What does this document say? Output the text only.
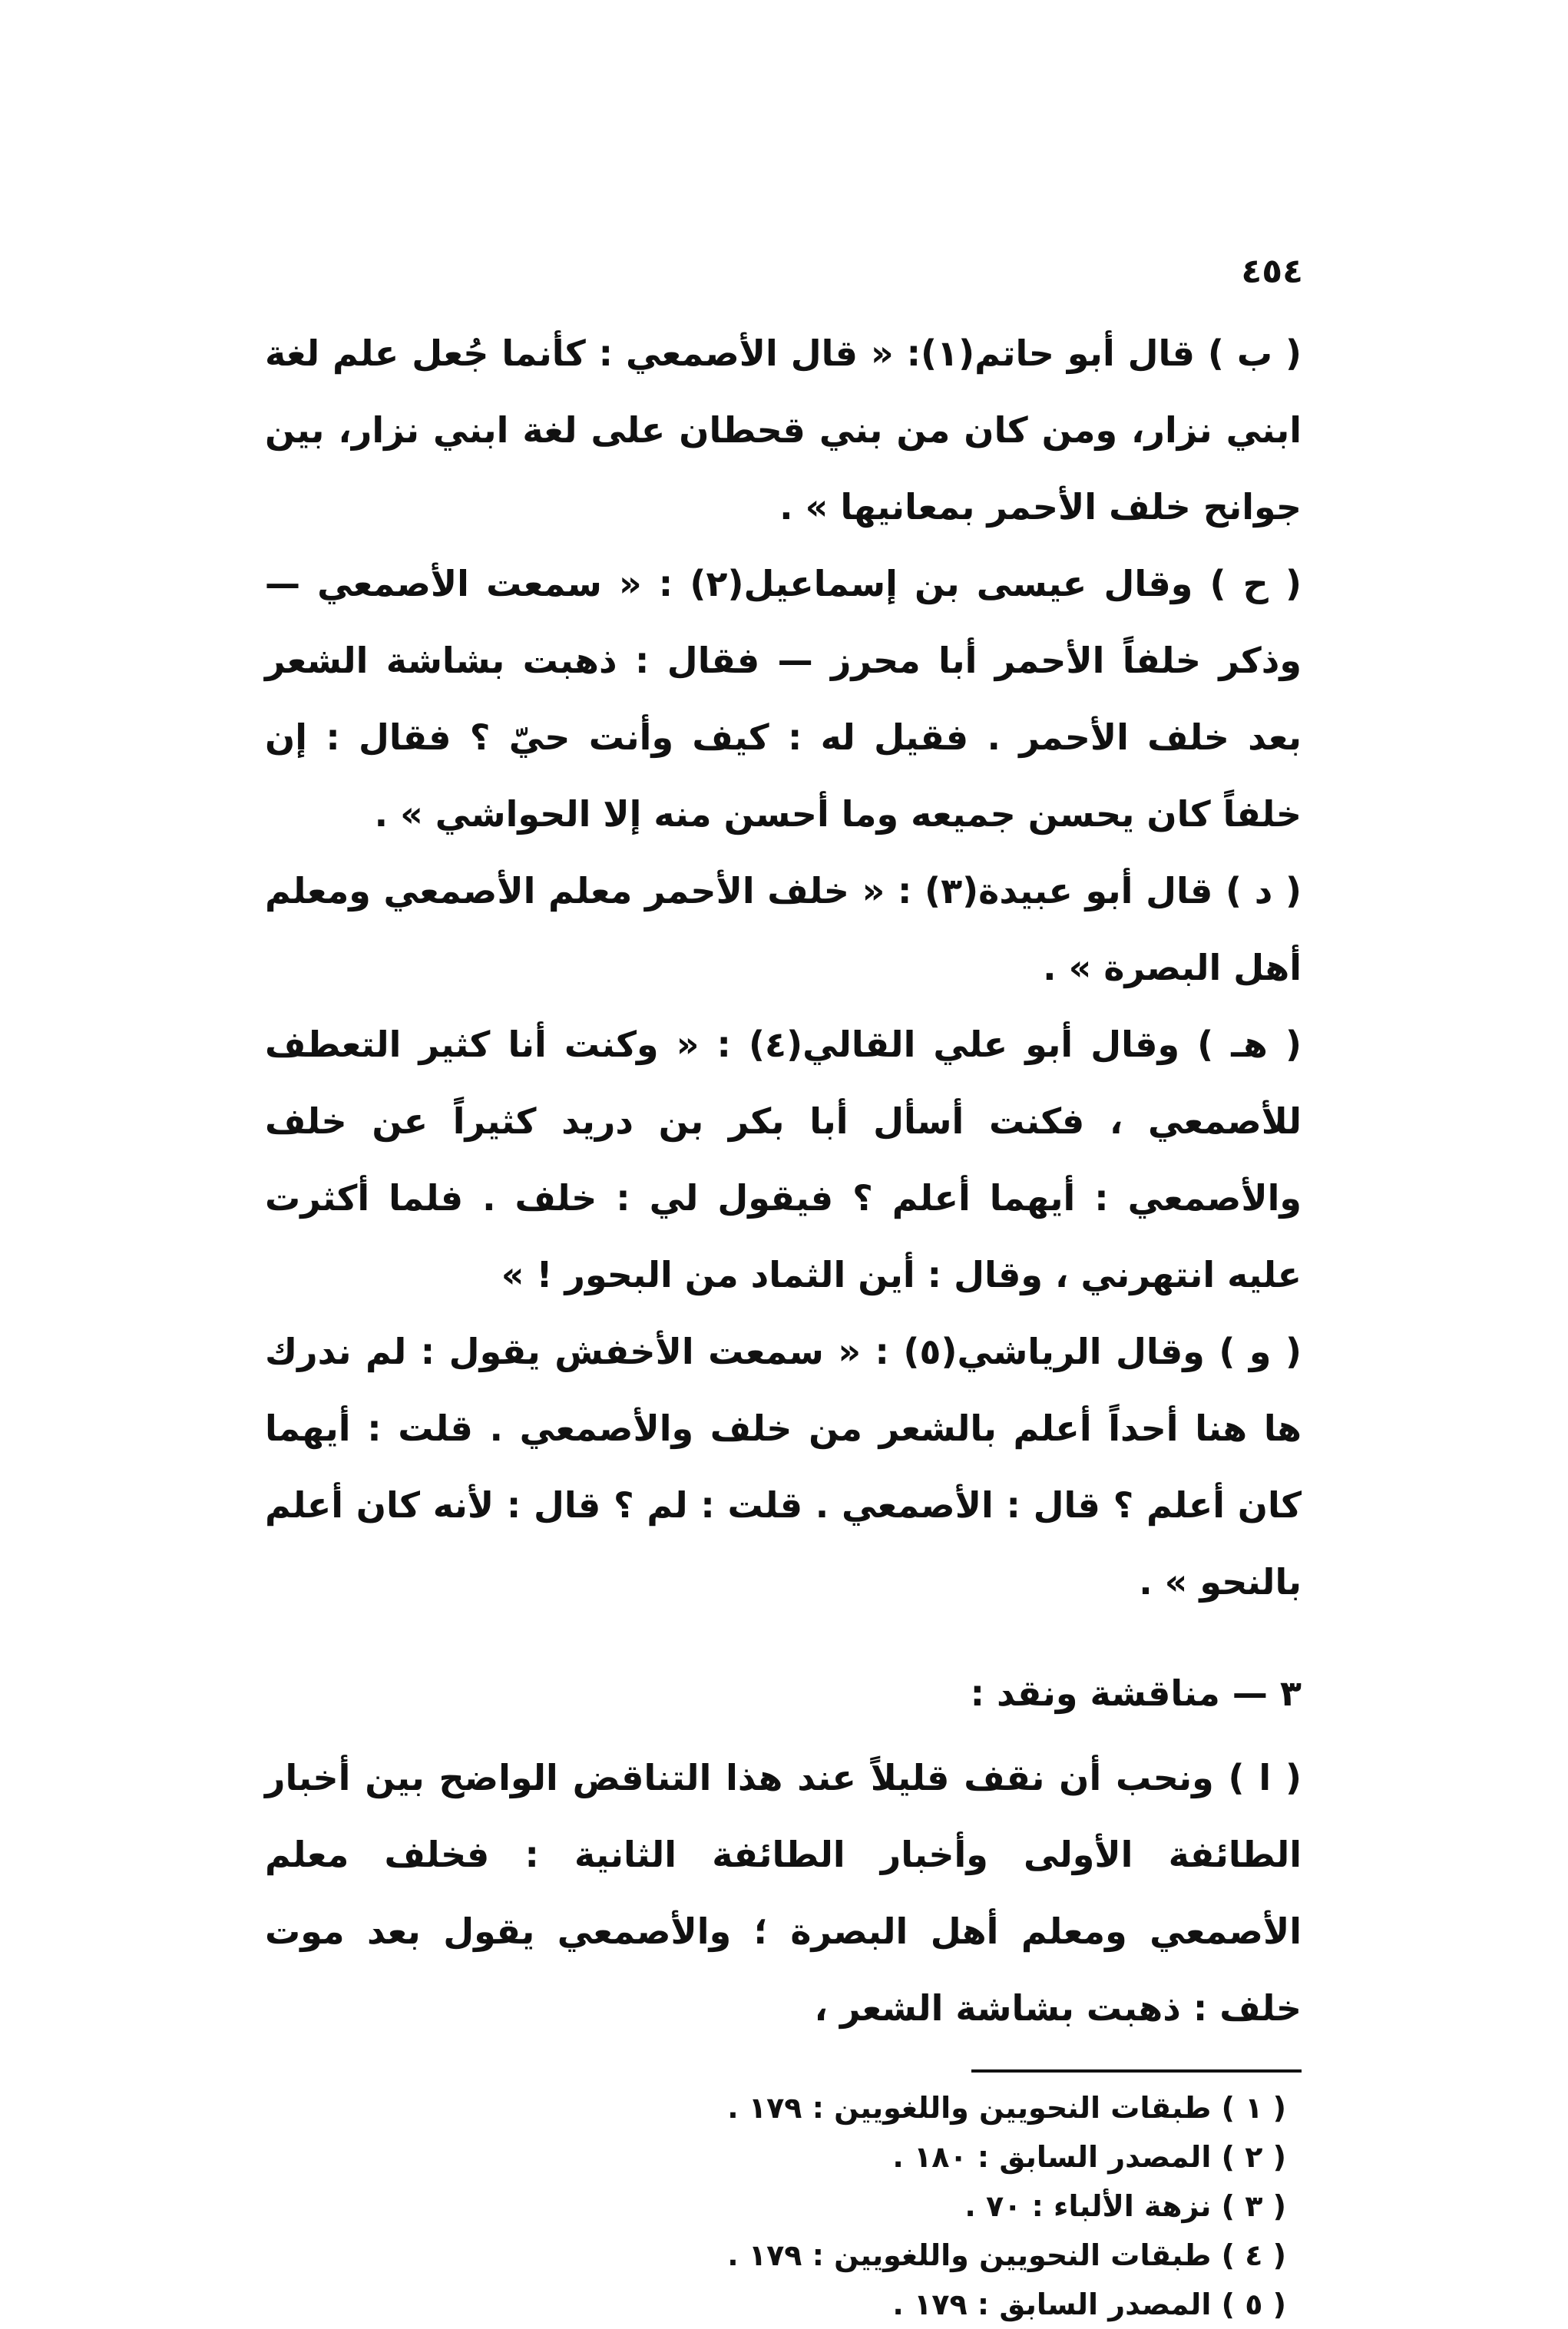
٤٥٤

( ب ) قال أبو حاتم(١): « قال الأصمعي : كأنما جُعل علم لغة ابني نزار، ومن كان من بني قحطان على لغة ابني نزار، بين جوانح خلف الأحمر بمعانيها » .

( ح ) وقال عيسى بن إسماعيل(٢) : « سمعت الأصمعي — وذكر خلفاً الأحمر أبا محرز — فقال : ذهبت بشاشة الشعر بعد خلف الأحمر . فقيل له : كيف وأنت حيّ ؟ فقال : إن خلفاً كان يحسن جميعه وما أحسن منه إلا الحواشي » .

( د ) قال أبو عبيدة(٣) : « خلف الأحمر معلم الأصمعي ومعلم أهل البصرة » .

( هـ ) وقال أبو علي القالي(٤) : « وكنت أنا كثير التعطف للأصمعي ، فكنت أسأل أبا بكر بن دريد كثيراً عن خلف والأصمعي : أيهما أعلم ؟ فيقول لي : خلف . فلما أكثرت عليه انتهرني ، وقال : أين الثماد من البحور ! »

( و ) وقال الرياشي(٥) : « سمعت الأخفش يقول : لم ندرك ها هنا أحداً أعلم بالشعر من خلف والأصمعي . قلت : أيهما كان أعلم ؟ قال : الأصمعي . قلت : لم ؟ قال : لأنه كان أعلم بالنحو » .

٣ — مناقشة ونقد :

( ا ) ونحب أن نقف قليلاً عند هذا التناقض الواضح بين أخبار الطائفة الأولى وأخبار الطائفة الثانية : فخلف معلم الأصمعي ومعلم أهل البصرة ؛ والأصمعي يقول بعد موت خلف : ذهبت بشاشة الشعر ،

( ١ ) طبقات النحويين واللغويين : ١٧٩ .
( ٢ ) المصدر السابق : ١٨٠ .
( ٣ ) نزهة الألباء : ٧٠ .
( ٤ ) طبقات النحويين واللغويين : ١٧٩ .
( ٥ ) المصدر السابق : ١٧٩ .
